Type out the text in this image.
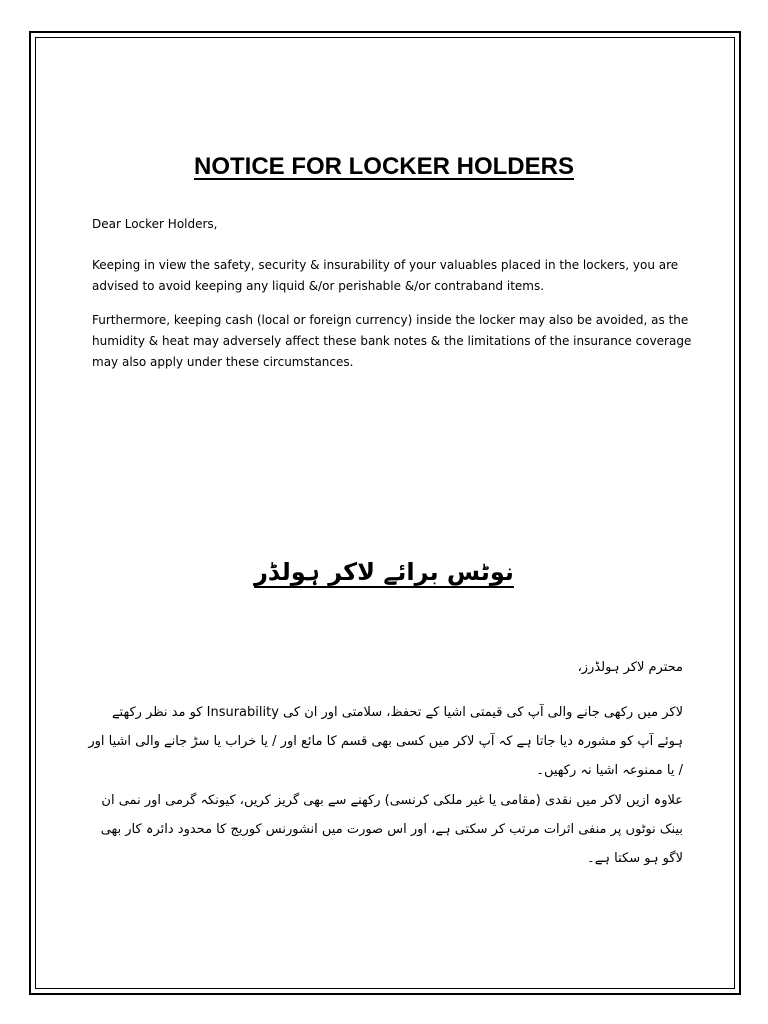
NOTICE FOR LOCKER HOLDERS

Dear Locker Holders,

Keeping in view the safety, security & insurability of your valuables placed in the lockers, you are advised to avoid keeping any liquid &/or perishable &/or contraband items.

Furthermore, keeping cash (local or foreign currency) inside the locker may also be avoided, as the humidity & heat may adversely affect these bank notes & the limitations of the insurance coverage may also apply under these circumstances.

نوٹس برائے لاکر ہولڈر

محترم لاکر ہولڈرز،

لاکر میں رکھی جانے والی آپ کی قیمتی اشیا کے تحفظ، سلامتی اور ان کی Insurability کو مد نظر رکھتے ہوئے آپ کو مشورہ دیا جاتا ہے کہ آپ لاکر میں کسی بھی قسم کا مائع اور / یا خراب یا سڑ جانے والی اشیا اور / یا ممنوعہ اشیا نہ رکھیں۔

علاوہ ازیں لاکر میں نقدی (مقامی یا غیر ملکی کرنسی) رکھنے سے بھی گریز کریں، کیونکہ گرمی اور نمی ان بینک نوٹوں پر منفی اثرات مرتب کر سکتی ہے، اور اس صورت میں انشورنس کوریج کا محدود دائرہ کار بھی لاگو ہو سکتا ہے۔
